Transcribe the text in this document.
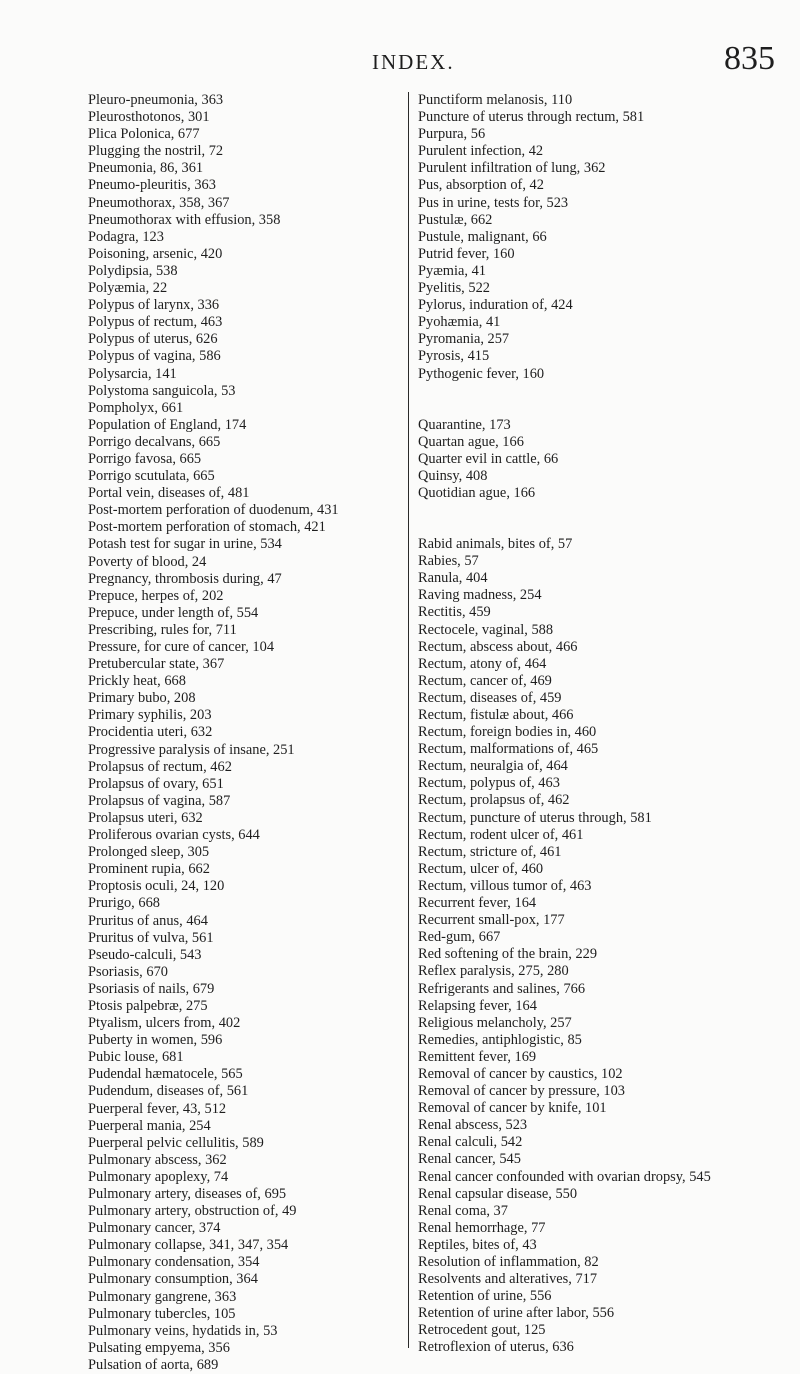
INDEX.	835
Pleuro-pneumonia, 363
Pleurosthotonos, 301
Plica Polonica, 677
Plugging the nostril, 72
Pneumonia, 86, 361
Pneumo-pleuritis, 363
Pneumothorax, 358, 367
Pneumothorax with effusion, 358
Podagra, 123
Poisoning, arsenic, 420
Polydipsia, 538
Polyæmia, 22
Polypus of larynx, 336
Polypus of rectum, 463
Polypus of uterus, 626
Polypus of vagina, 586
Polysarcia, 141
Polystoma sanguicola, 53
Pompholyx, 661
Population of England, 174
Porrigo decalvans, 665
Porrigo favosa, 665
Porrigo scutulata, 665
Portal vein, diseases of, 481
Post-mortem perforation of duodenum, 431
Post-mortem perforation of stomach, 421
Potash test for sugar in urine, 534
Poverty of blood, 24
Pregnancy, thrombosis during, 47
Prepuce, herpes of, 202
Prepuce, under length of, 554
Prescribing, rules for, 711
Pressure, for cure of cancer, 104
Pretubercular state, 367
Prickly heat, 668
Primary bubo, 208
Primary syphilis, 203
Procidentia uteri, 632
Progressive paralysis of insane, 251
Prolapsus of rectum, 462
Prolapsus of ovary, 651
Prolapsus of vagina, 587
Prolapsus uteri, 632
Proliferous ovarian cysts, 644
Prolonged sleep, 305
Prominent rupia, 662
Proptosis oculi, 24, 120
Prurigo, 668
Pruritus of anus, 464
Pruritus of vulva, 561
Pseudo-calculi, 543
Psoriasis, 670
Psoriasis of nails, 679
Ptosis palpebræ, 275
Ptyalism, ulcers from, 402
Puberty in women, 596
Pubic louse, 681
Pudendal hæmatocele, 565
Pudendum, diseases of, 561
Puerperal fever, 43, 512
Puerperal mania, 254
Puerperal pelvic cellulitis, 589
Pulmonary abscess, 362
Pulmonary apoplexy, 74
Pulmonary artery, diseases of, 695
Pulmonary artery, obstruction of, 49
Pulmonary cancer, 374
Pulmonary collapse, 341, 347, 354
Pulmonary condensation, 354
Pulmonary consumption, 364
Pulmonary gangrene, 363
Pulmonary tubercles, 105
Pulmonary veins, hydatids in, 53
Pulsating empyema, 356
Pulsation of aorta, 689
Punctiform melanosis, 110
Puncture of uterus through rectum, 581
Purpura, 56
Purulent infection, 42
Purulent infiltration of lung, 362
Pus, absorption of, 42
Pus in urine, tests for, 523
Pustulæ, 662
Pustule, malignant, 66
Putrid fever, 160
Pyæmia, 41
Pyelitis, 522
Pylorus, induration of, 424
Pyohæmia, 41
Pyromania, 257
Pyrosis, 415
Pythogenic fever, 160
Quarantine, 173
Quartan ague, 166
Quarter evil in cattle, 66
Quinsy, 408
Quotidian ague, 166
Rabid animals, bites of, 57
Rabies, 57
Ranula, 404
Raving madness, 254
Rectitis, 459
Rectocele, vaginal, 588
Rectum, abscess about, 466
Rectum, atony of, 464
Rectum, cancer of, 469
Rectum, diseases of, 459
Rectum, fistulæ about, 466
Rectum, foreign bodies in, 460
Rectum, malformations of, 465
Rectum, neuralgia of, 464
Rectum, polypus of, 463
Rectum, prolapsus of, 462
Rectum, puncture of uterus through, 581
Rectum, rodent ulcer of, 461
Rectum, stricture of, 461
Rectum, ulcer of, 460
Rectum, villous tumor of, 463
Recurrent fever, 164
Recurrent small-pox, 177
Red-gum, 667
Red softening of the brain, 229
Reflex paralysis, 275, 280
Refrigerants and salines, 766
Relapsing fever, 164
Religious melancholy, 257
Remedies, antiphlogistic, 85
Remittent fever, 169
Removal of cancer by caustics, 102
Removal of cancer by pressure, 103
Removal of cancer by knife, 101
Renal abscess, 523
Renal calculi, 542
Renal cancer, 545
Renal cancer confounded with ovarian dropsy, 545
Renal capsular disease, 550
Renal coma, 37
Renal hemorrhage, 77
Reptiles, bites of, 43
Resolution of inflammation, 82
Resolvents and alteratives, 717
Retention of urine, 556
Retention of urine after labor, 556
Retrocedent gout, 125
Retroflexion of uterus, 636
